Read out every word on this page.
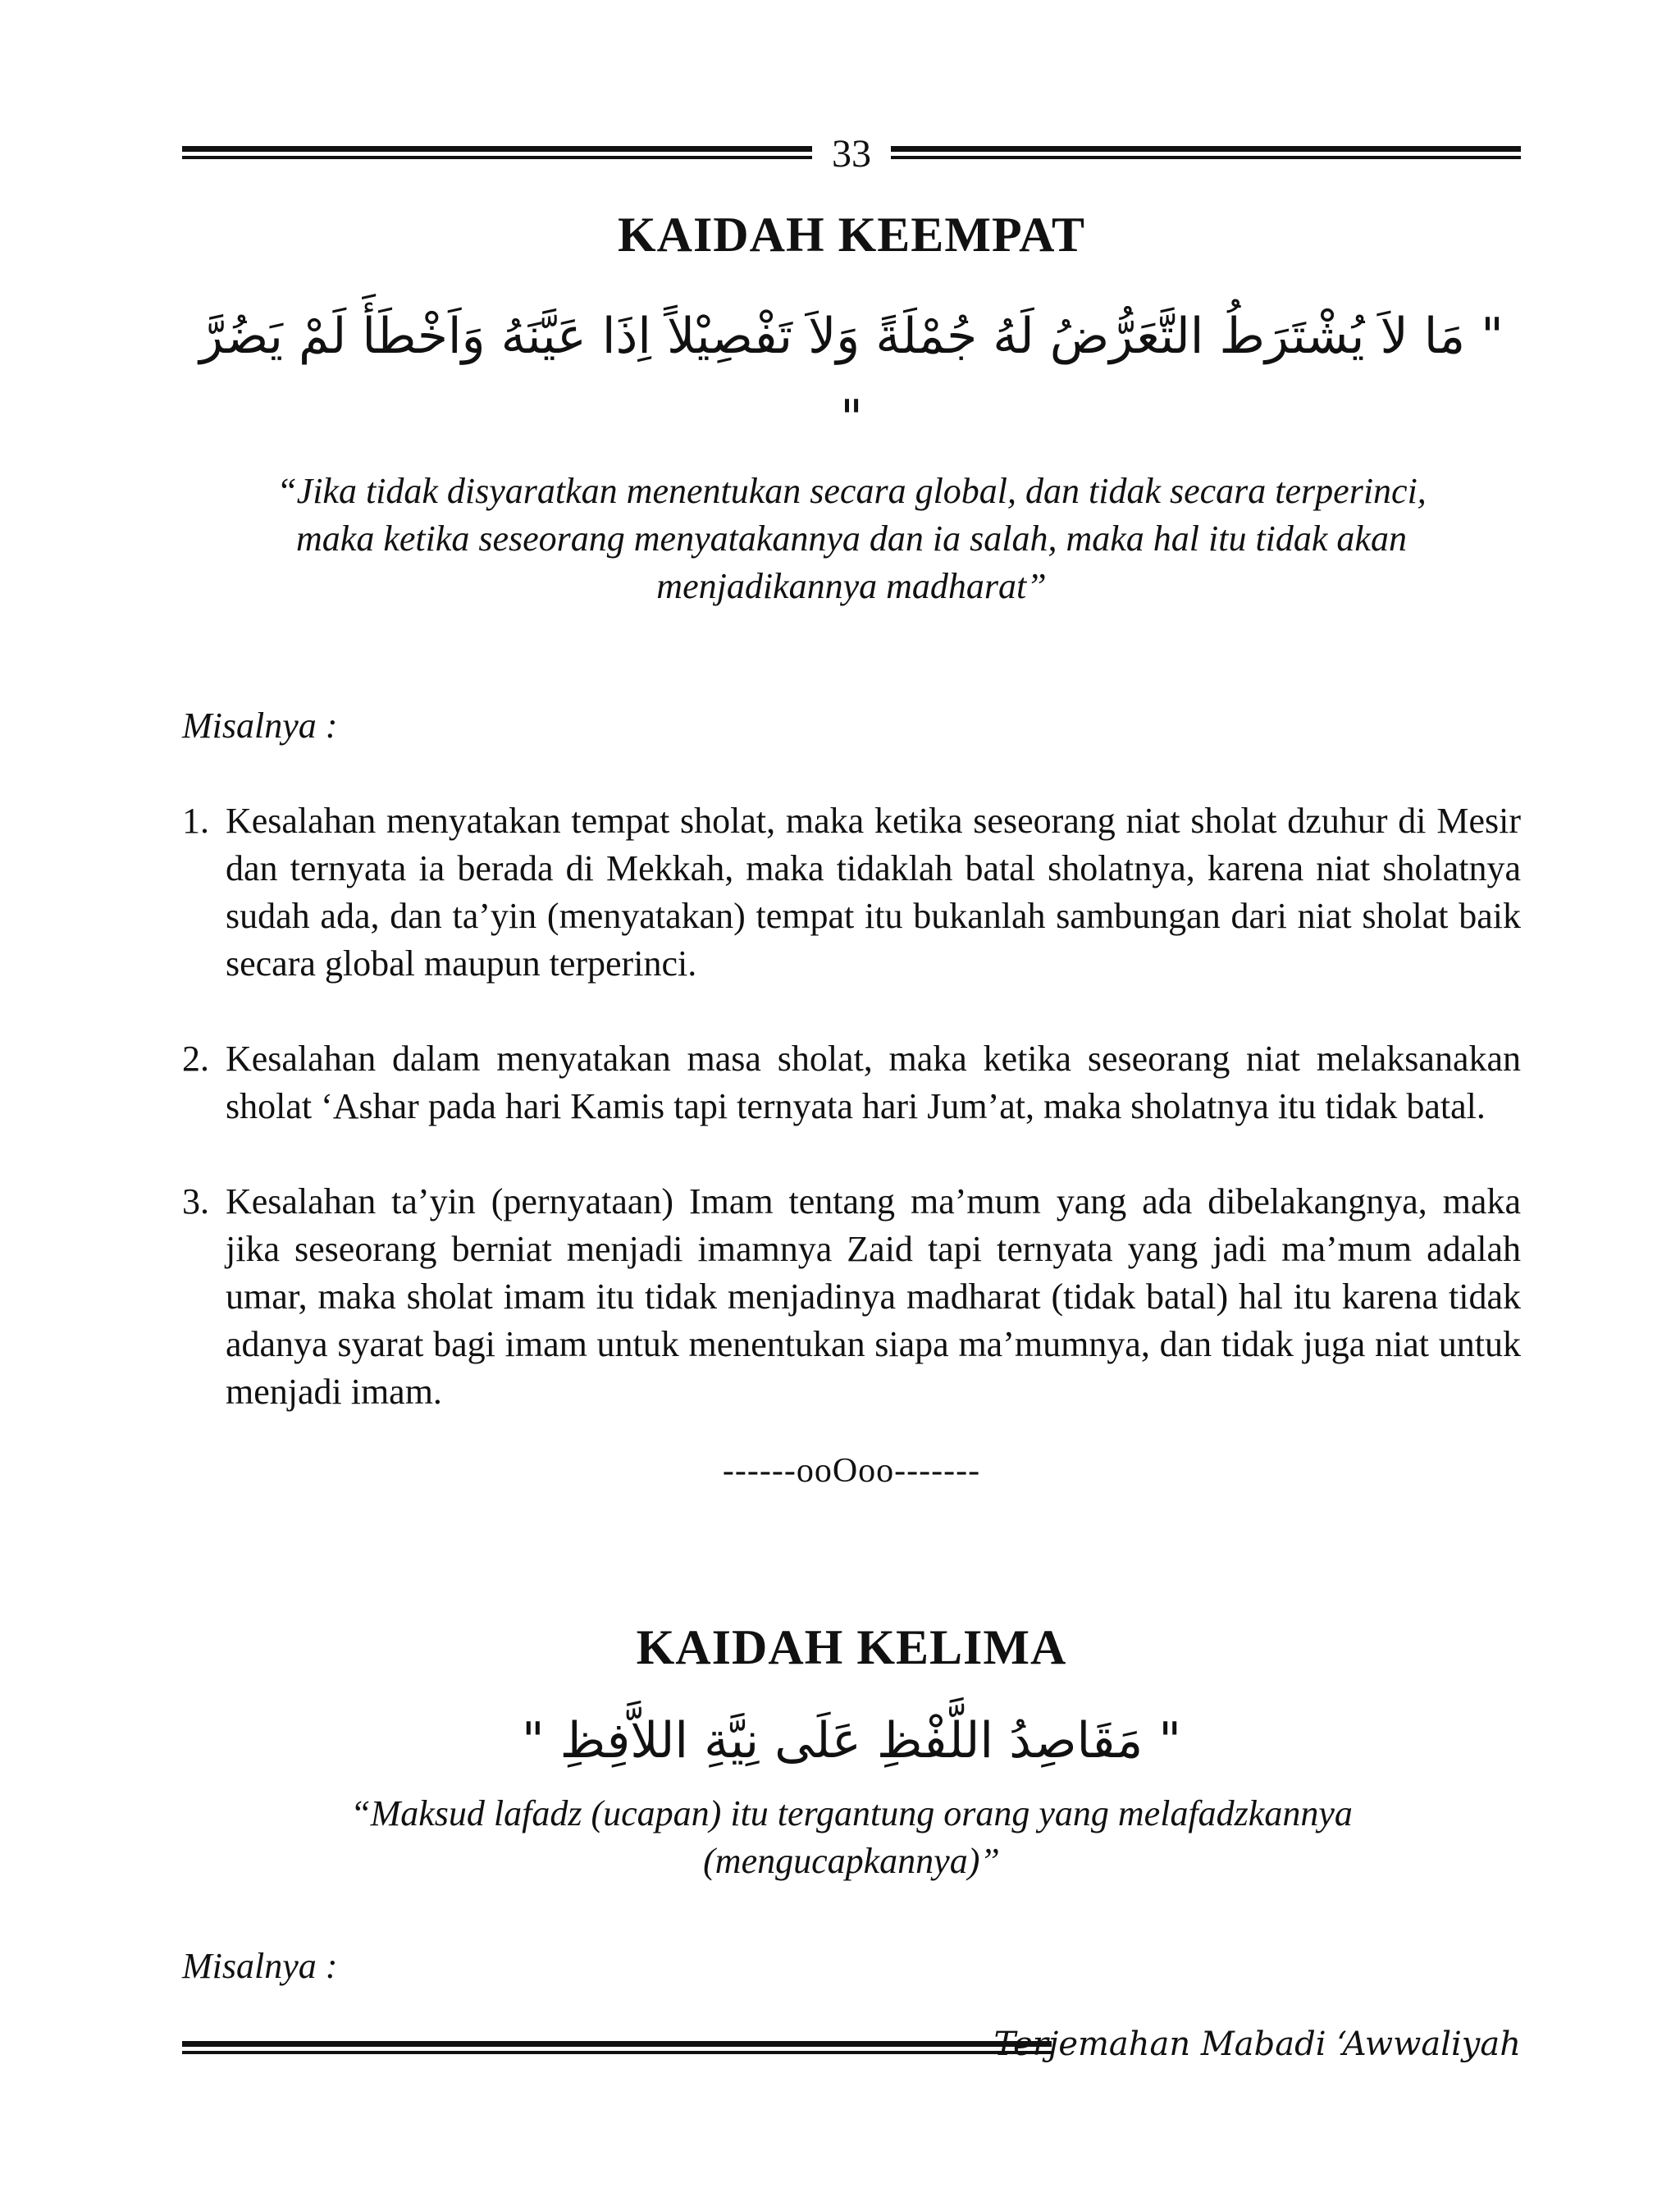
33
KAIDAH KEEMPAT

" مَا لاَ يُشْتَرَطُ التَّعَرُّضُ لَهُ جُمْلَةً وَلاَ تَفْصِيْلاً اِذَا عَيَّنَهُ وَاَخْطَأَ لَمْ يَضُرَّ "

“Jika tidak disyaratkan menentukan secara global, dan tidak secara terperinci, maka ketika seseorang menyatakannya dan ia salah, maka hal itu tidak akan menjadikannya madharat”

Misalnya :

1. Kesalahan menyatakan tempat sholat, maka ketika seseorang niat sholat dzuhur di Mesir dan ternyata ia berada di Mekkah, maka tidaklah batal sholatnya, karena niat sholatnya sudah ada, dan ta’yin (menyatakan) tempat itu bukanlah sambungan dari niat sholat baik secara global maupun terperinci.
2. Kesalahan dalam menyatakan masa sholat, maka ketika seseorang niat melaksanakan sholat ‘Ashar pada hari Kamis tapi ternyata hari Jum’at, maka sholatnya itu tidak batal.
3. Kesalahan ta’yin (pernyataan) Imam tentang ma’mum yang ada dibelakangnya, maka jika seseorang berniat menjadi imamnya Zaid tapi ternyata yang jadi ma’mum adalah umar, maka sholat imam itu tidak menjadinya madharat (tidak batal) hal itu karena tidak adanya syarat bagi imam untuk menentukan siapa ma’mumnya, dan tidak juga niat untuk menjadi imam.

------ooOoo-------

KAIDAH KELIMA

" مَقَاصِدُ اللَّفْظِ عَلَى نِيَّةِ اللاَّفِظِ "

“Maksud lafadz (ucapan) itu tergantung orang yang melafadzkannya (mengucapkannya)”

Misalnya :

Terjemahan Mabadi ‘Awwaliyah
